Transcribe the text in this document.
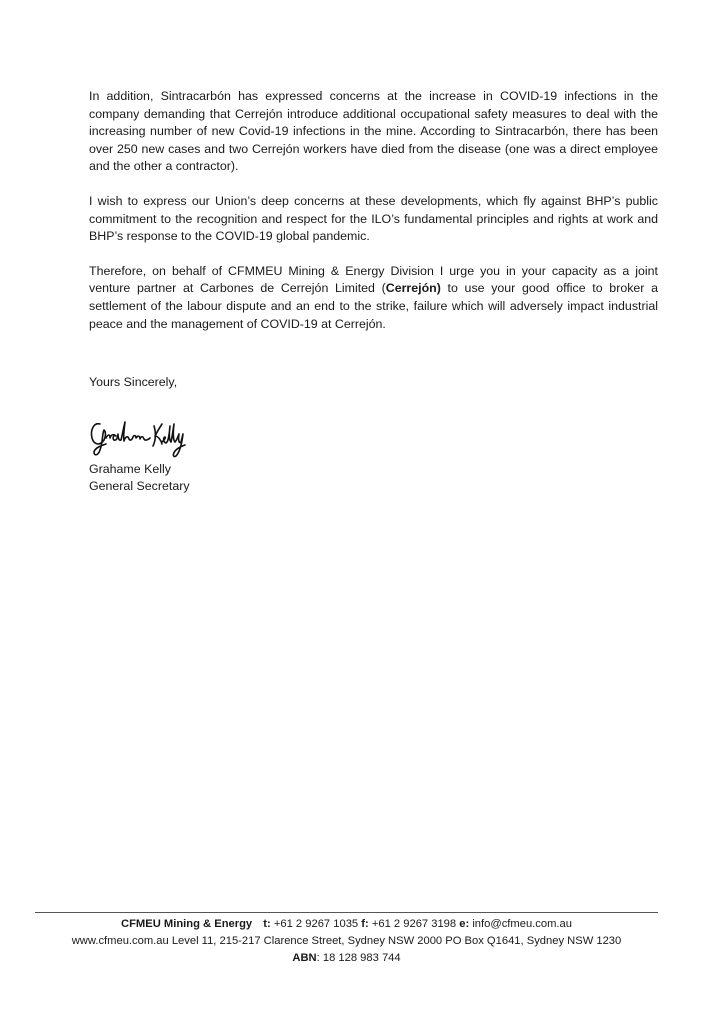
In addition, Sintracarbón has expressed concerns at the increase in COVID-19 infections in the company demanding that Cerrejón introduce additional occupational safety measures to deal with the increasing number of new Covid-19 infections in the mine. According to Sintracarbón, there has been over 250 new cases and two Cerrejón workers have died from the disease (one was a direct employee and the other a contractor).

I wish to express our Union’s deep concerns at these developments, which fly against BHP’s public commitment to the recognition and respect for the ILO’s fundamental principles and rights at work and BHP’s response to the COVID-19 global pandemic.

Therefore, on behalf of CFMMEU Mining & Energy Division I urge you in your capacity as a joint venture partner at Carbones de Cerrejón Limited (Cerrejón) to use your good office to broker a settlement of the labour dispute and an end to the strike, failure which will adversely impact industrial peace and the management of COVID-19 at Cerrejón.

Yours Sincerely,

Grahame Kelly

General Secretary

CFMEU Mining & Energy t: +61 2 9267 1035 f: +61 2 9267 3198 e: info@cfmeu.com.au
www.cfmeu.com.au Level 11, 215-217 Clarence Street, Sydney NSW 2000 PO Box Q1641, Sydney NSW 1230
ABN: 18 128 983 744
